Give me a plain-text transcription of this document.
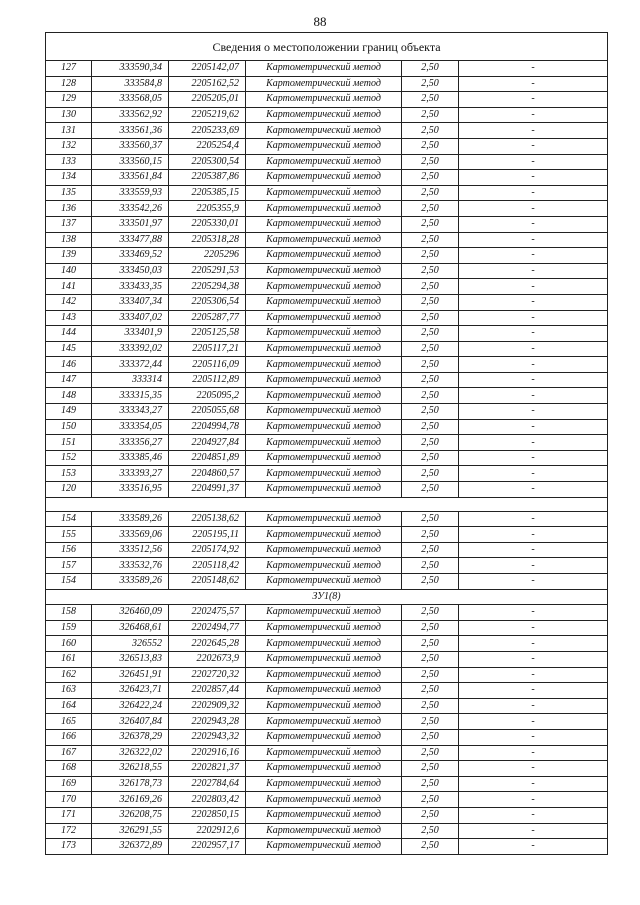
88
Сведения о местоположении границ объекта					
127	333590,34	2205142,07	Картометрический метод	2,50	-
128	333584,8	2205162,52	Картометрический метод	2,50	-
129	333568,05	2205205,01	Картометрический метод	2,50	-
130	333562,92	2205219,62	Картометрический метод	2,50	-
131	333561,36	2205233,69	Картометрический метод	2,50	-
132	333560,37	2205254,4	Картометрический метод	2,50	-
133	333560,15	2205300,54	Картометрический метод	2,50	-
134	333561,84	2205387,86	Картометрический метод	2,50	-
135	333559,93	2205385,15	Картометрический метод	2,50	-
136	333542,26	2205355,9	Картометрический метод	2,50	-
137	333501,97	2205330,01	Картометрический метод	2,50	-
138	333477,88	2205318,28	Картометрический метод	2,50	-
139	333469,52	2205296	Картометрический метод	2,50	-
140	333450,03	2205291,53	Картометрический метод	2,50	-
141	333433,35	2205294,38	Картометрический метод	2,50	-
142	333407,34	2205306,54	Картометрический метод	2,50	-
143	333407,02	2205287,77	Картометрический метод	2,50	-
144	333401,9	2205125,58	Картометрический метод	2,50	-
145	333392,02	2205117,21	Картометрический метод	2,50	-
146	333372,44	2205116,09	Картометрический метод	2,50	-
147	333314	2205112,89	Картометрический метод	2,50	-
148	333315,35	2205095,2	Картометрический метод	2,50	-
149	333343,27	2205055,68	Картометрический метод	2,50	-
150	333354,05	2204994,78	Картометрический метод	2,50	-
151	333356,27	2204927,84	Картометрический метод	2,50	-
152	333385,46	2204851,89	Картометрический метод	2,50	-
153	333393,27	2204860,57	Картометрический метод	2,50	-
120	333516,95	2204991,37	Картометрический метод	2,50	-

154	333589,26	2205138,62	Картометрический метод	2,50	-
155	333569,06	2205195,11	Картометрический метод	2,50	-
156	333512,56	2205174,92	Картометрический метод	2,50	-
157	333532,76	2205118,42	Картометрический метод	2,50	-
154	333589,26	2205148,62	Картометрический метод	2,50	-
ЗУ1(8)					
158	326460,09	2202475,57	Картометрический метод	2,50	-
159	326468,61	2202494,77	Картометрический метод	2,50	-
160	326552	2202645,28	Картометрический метод	2,50	-
161	326513,83	2202673,9	Картометрический метод	2,50	-
162	326451,91	2202720,32	Картометрический метод	2,50	-
163	326423,71	2202857,44	Картометрический метод	2,50	-
164	326422,24	2202909,32	Картометрический метод	2,50	-
165	326407,84	2202943,28	Картометрический метод	2,50	-
166	326378,29	2202943,32	Картометрический метод	2,50	-
167	326322,02	2202916,16	Картометрический метод	2,50	-
168	326218,55	2202821,37	Картометрический метод	2,50	-
169	326178,73	2202784,64	Картометрический метод	2,50	-
170	326169,26	2202803,42	Картометрический метод	2,50	-
171	326208,75	2202850,15	Картометрический метод	2,50	-
172	326291,55	2202912,6	Картометрический метод	2,50	-
173	326372,89	2202957,17	Картометрический метод	2,50	-
